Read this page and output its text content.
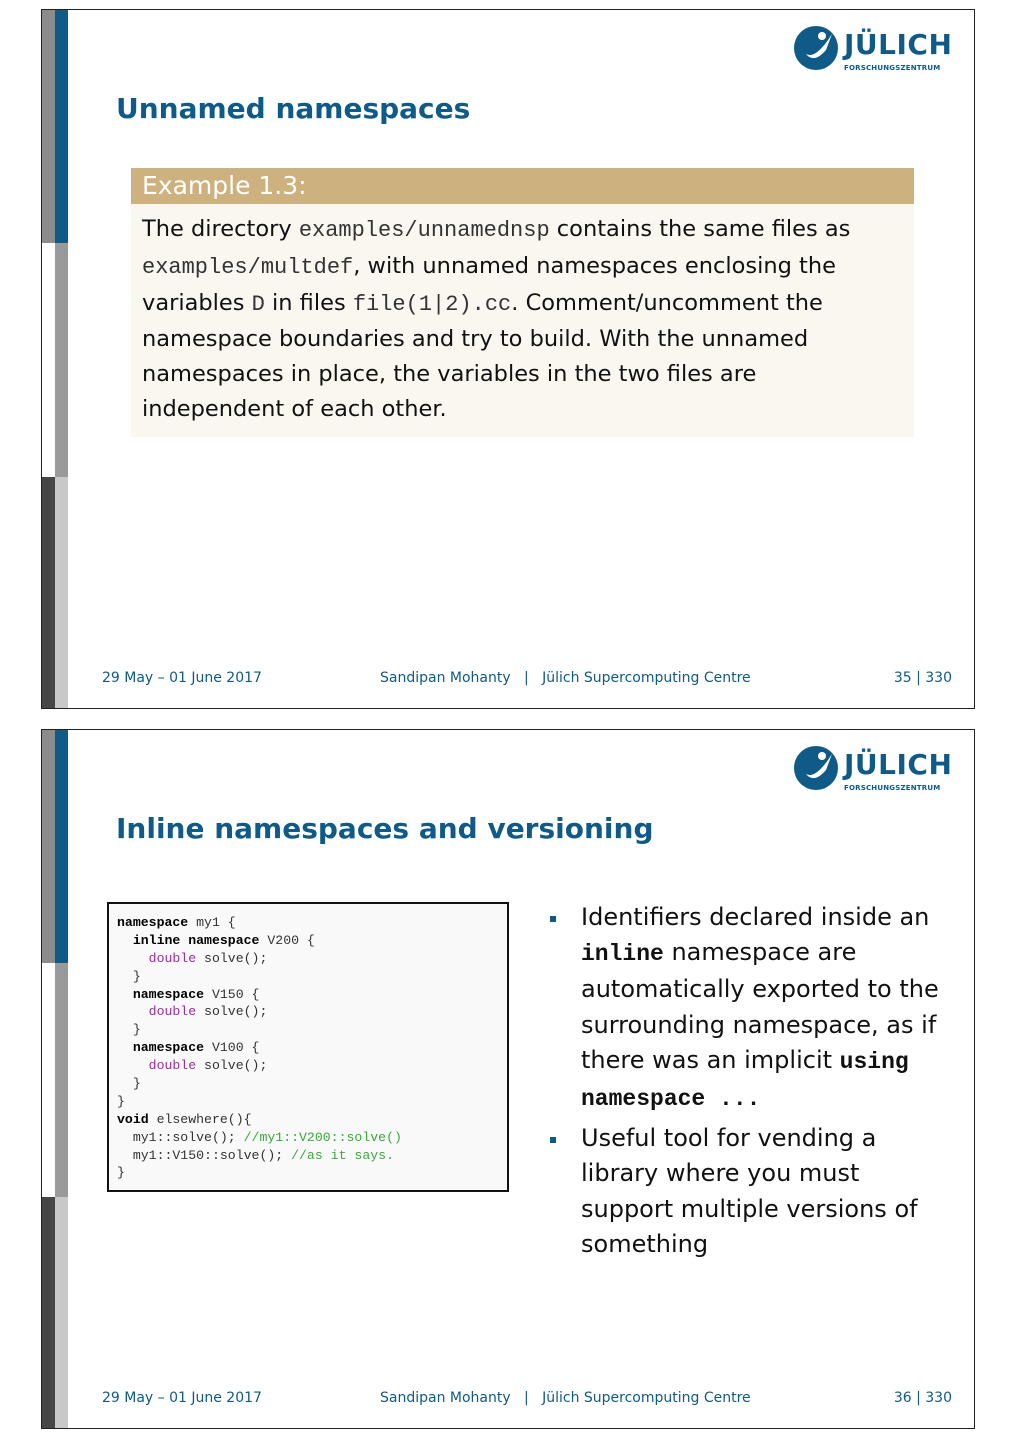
JÜLICH
FORSCHUNGSZENTRUM
Unnamed namespaces
Example 1.3:
The directory examples/unnamednsp contains the same files as examples/multdef, with unnamed namespaces enclosing the variables D in files file(1|2).cc. Comment/uncomment the namespace boundaries and try to build. With the unnamed namespaces in place, the variables in the two files are independent of each other.
29 May – 01 June 2017	Sandipan Mohanty | Jülich Supercomputing Centre	35 | 330
JÜLICH
FORSCHUNGSZENTRUM
Inline namespaces and versioning
namespace my1 {
inline namespace V200 {
double solve();
}
namespace V150 {
double solve();
}
namespace V100 {
double solve();
}
}
void elsewhere(){
my1::solve(); //my1::V200::solve()
my1::V150::solve(); //as it says.
}
Identifiers declared inside an inline namespace are automatically exported to the surrounding namespace, as if there was an implicit using namespace ...
Useful tool for vending a library where you must support multiple versions of something
29 May – 01 June 2017	Sandipan Mohanty | Jülich Supercomputing Centre	36 | 330
